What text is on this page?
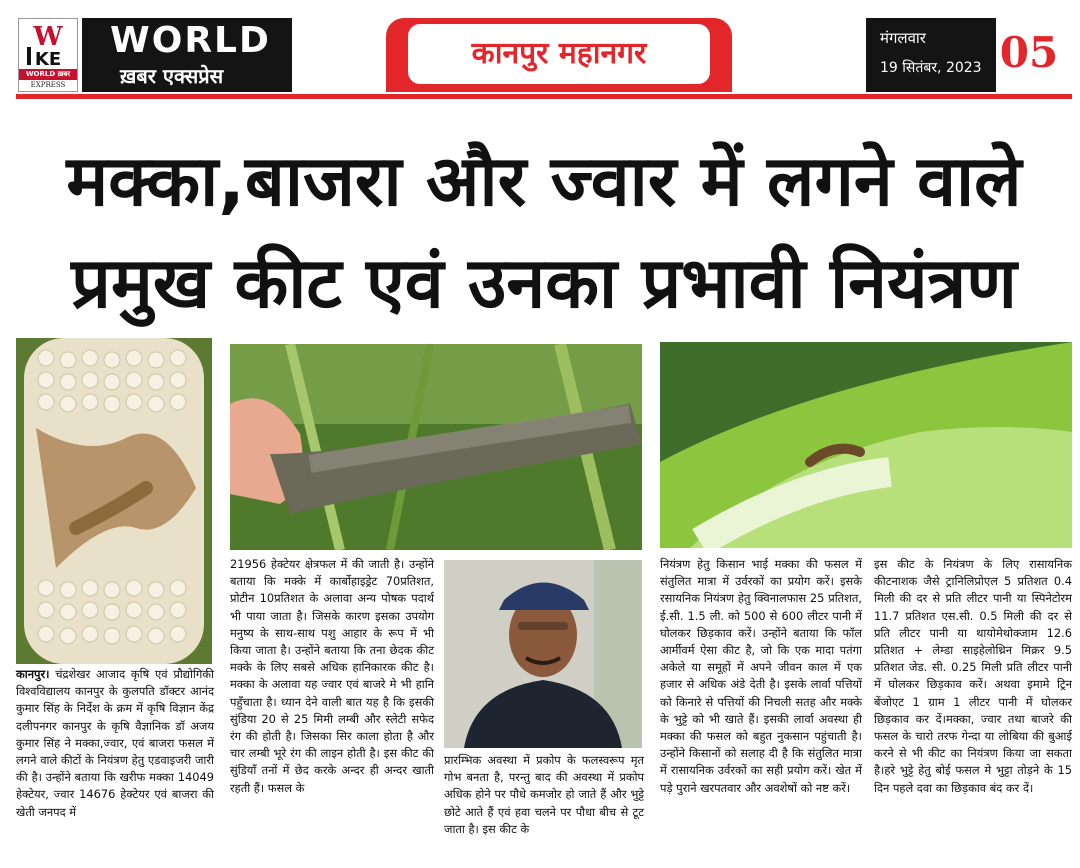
W
KE
WORLD ख़बर
EXPRESS
WORLD
ख़बर एक्सप्रेस
कानपुर महानगर	मंगलवार
19 सितंबर, 2023 05
मक्का,बाजरा और ज्वार में लगने वाले
प्रमुख कीट एवं उनका प्रभावी नियंत्रण

कानपुर। चंद्रशेखर आजाद कृषि एवं प्रौद्योगिकी विश्वविद्यालय कानपुर के कुलपति डॉक्टर आनंद कुमार सिंह के निर्देश के क्रम में कृषि विज्ञान केंद्र दलीपनगर कानपुर के कृषि वैज्ञानिक डॉ अजय कुमार सिंह ने मक्का,ज्वार, एवं बाजरा फसल में लगने वाले कीटों के नियंत्रण हेतु एडवाइजरी जारी की है। उन्होंने बताया कि खरीफ मक्का 14049 हेक्टेयर, ज्वार 14676 हेक्टेयर एवं बाजरा की खेती जनपद में

21956 हेक्टेयर क्षेत्रफल में की जाती है। उन्होंने बताया कि मक्के में कार्बोहाइड्रेट 70प्रतिशत, प्रोटीन 10प्रतिशत के अलावा अन्य पोषक पदार्थ भी पाया जाता है। जिसके कारण इसका उपयोग मनुष्य के साथ-साथ पशु आहार के रूप में भी किया जाता है। उन्होंने बताया कि तना छेदक कीट मक्के के लिए सबसे अधिक हानिकारक कीट है। मक्का के अलावा यह ज्वार एवं बाजरे मे भी हानि पहुँचाता है। ध्यान देने वाली बात यह है कि इसकी सुंडिया 20 से 25 मिमी लम्बी और स्लेटी सफेद रंग की होती है। जिसका सिर काला होता है और चार लम्बी भूरे रंग की लाइन होती है। इस कीट की सुंडियाँ तनों में छेद करके अन्दर ही अन्दर खाती रहती हैं। फसल के

प्रारम्भिक अवस्था में प्रकोप के फलस्वरूप मृत गोभ बनता है, परन्तु बाद की अवस्था में प्रकोप अधिक होने पर पौधे कमजोर हो जाते हैं और भुट्टे छोटे आते हैं एवं हवा चलने पर पौधा बीच से टूट जाता है। इस कीट के

नियंत्रण हेतु किसान भाई मक्का की फसल में संतुलित मात्रा में उर्वरकों का प्रयोग करें। इसके रसायनिक नियंत्रण हेतु क्विनालफास 25 प्रतिशत, ई.सी. 1.5 ली. को 500 से 600 लीटर पानी में घोलकर छिड़काव करें। उन्होंने बताया कि फॉल आर्मीवर्म ऐसा कीट है, जो कि एक मादा पतंगा अकेले या समूहों में अपने जीवन काल में एक हजार से अधिक अंडे देती है। इसके लार्वा पत्तियों को किनारे से पत्तियों की निचली सतह और मक्के के भुट्टे को भी खाते हैं। इसकी लार्वा अवस्था ही मक्का की फसल को बहुत नुकसान पहुंचाती है। उन्होंने किसानों को सलाह दी है कि संतुलित मात्रा में रासायनिक उर्वरकों का सही प्रयोग करें। खेत में पड़े पुराने खरपतवार और अवशेषों को नष्ट करें।

इस कीट के नियंत्रण के लिए रासायनिक कीटनाशक जैसे ट्रानिलिप्रोएल 5 प्रतिशत 0.4 मिली की दर से प्रति लीटर पानी या स्पिनेटोरम 11.7 प्रतिशत एस.सी. 0.5 मिली की दर से प्रति लीटर पानी या थायोमेथोक्जाम 12.6 प्रतिशत + लेम्डा साइहेलोथ्रिन मिक्रर 9.5 प्रतिशत जेड. सी. 0.25 मिली प्रति लीटर पानी में घोलकर छिड़काव करें। अथवा इमामे ट्रिन बेंजोएट 1 ग्राम 1 लीटर पानी में घोलकर छिड़काव कर दें।मक्का, ज्वार तथा बाजरे की फसल के चारो तरफ गेन्दा या लोबिया की बुआई करने से भी कीट का नियंत्रण किया जा सकता है।हरे भुट्टे हेतु बोई फसल मे भुट्टा तोड़ने के 15 दिन पहले दवा का छिड़काव बंद कर दें।
